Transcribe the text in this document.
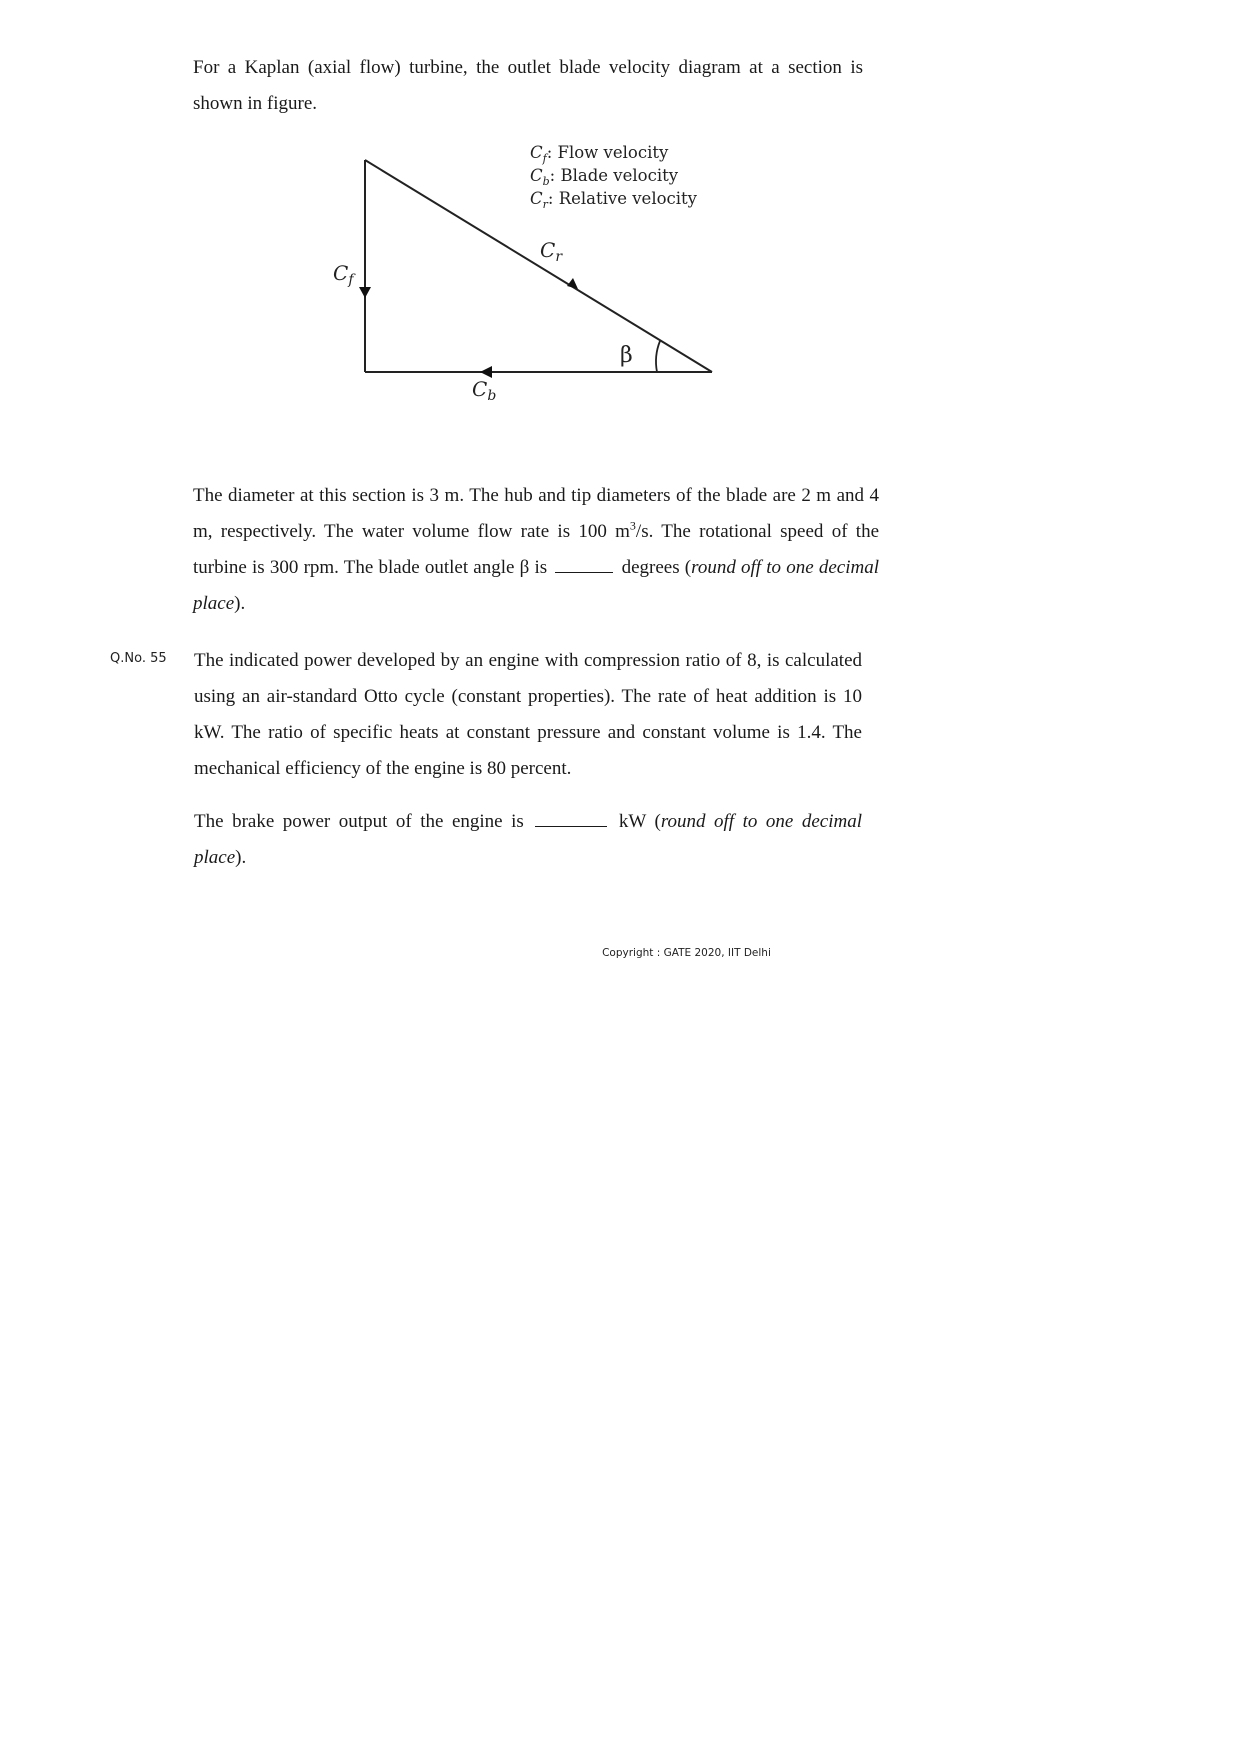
For a Kaplan (axial flow) turbine, the outlet blade velocity diagram at a section is shown in figure.
$C_f$
$C_b$
$C_r$
β
$C_f$: Flow velocity
$C_b$: Blade velocity
$C_r$: Relative velocity
The diameter at this section is 3 m. The hub and tip diameters of the blade are 2 m and 4 m, respectively. The water volume flow rate is 100 $m^3/s$. The rotational speed of the turbine is 300 rpm. The blade outlet angle β is	degrees (round off to one decimal place).
Q.No. 55 The indicated power developed by an engine with compression ratio of 8, is calculated using an air-standard Otto cycle (constant properties). The rate of heat addition is 10 kW. The ratio of specific heats at constant pressure and constant volume is 1.4. The mechanical efficiency of the engine is 80 percent.
The brake power output of the engine is	kW (round off to one decimal place).
Copyright : GATE 2020, IIT Delhi
